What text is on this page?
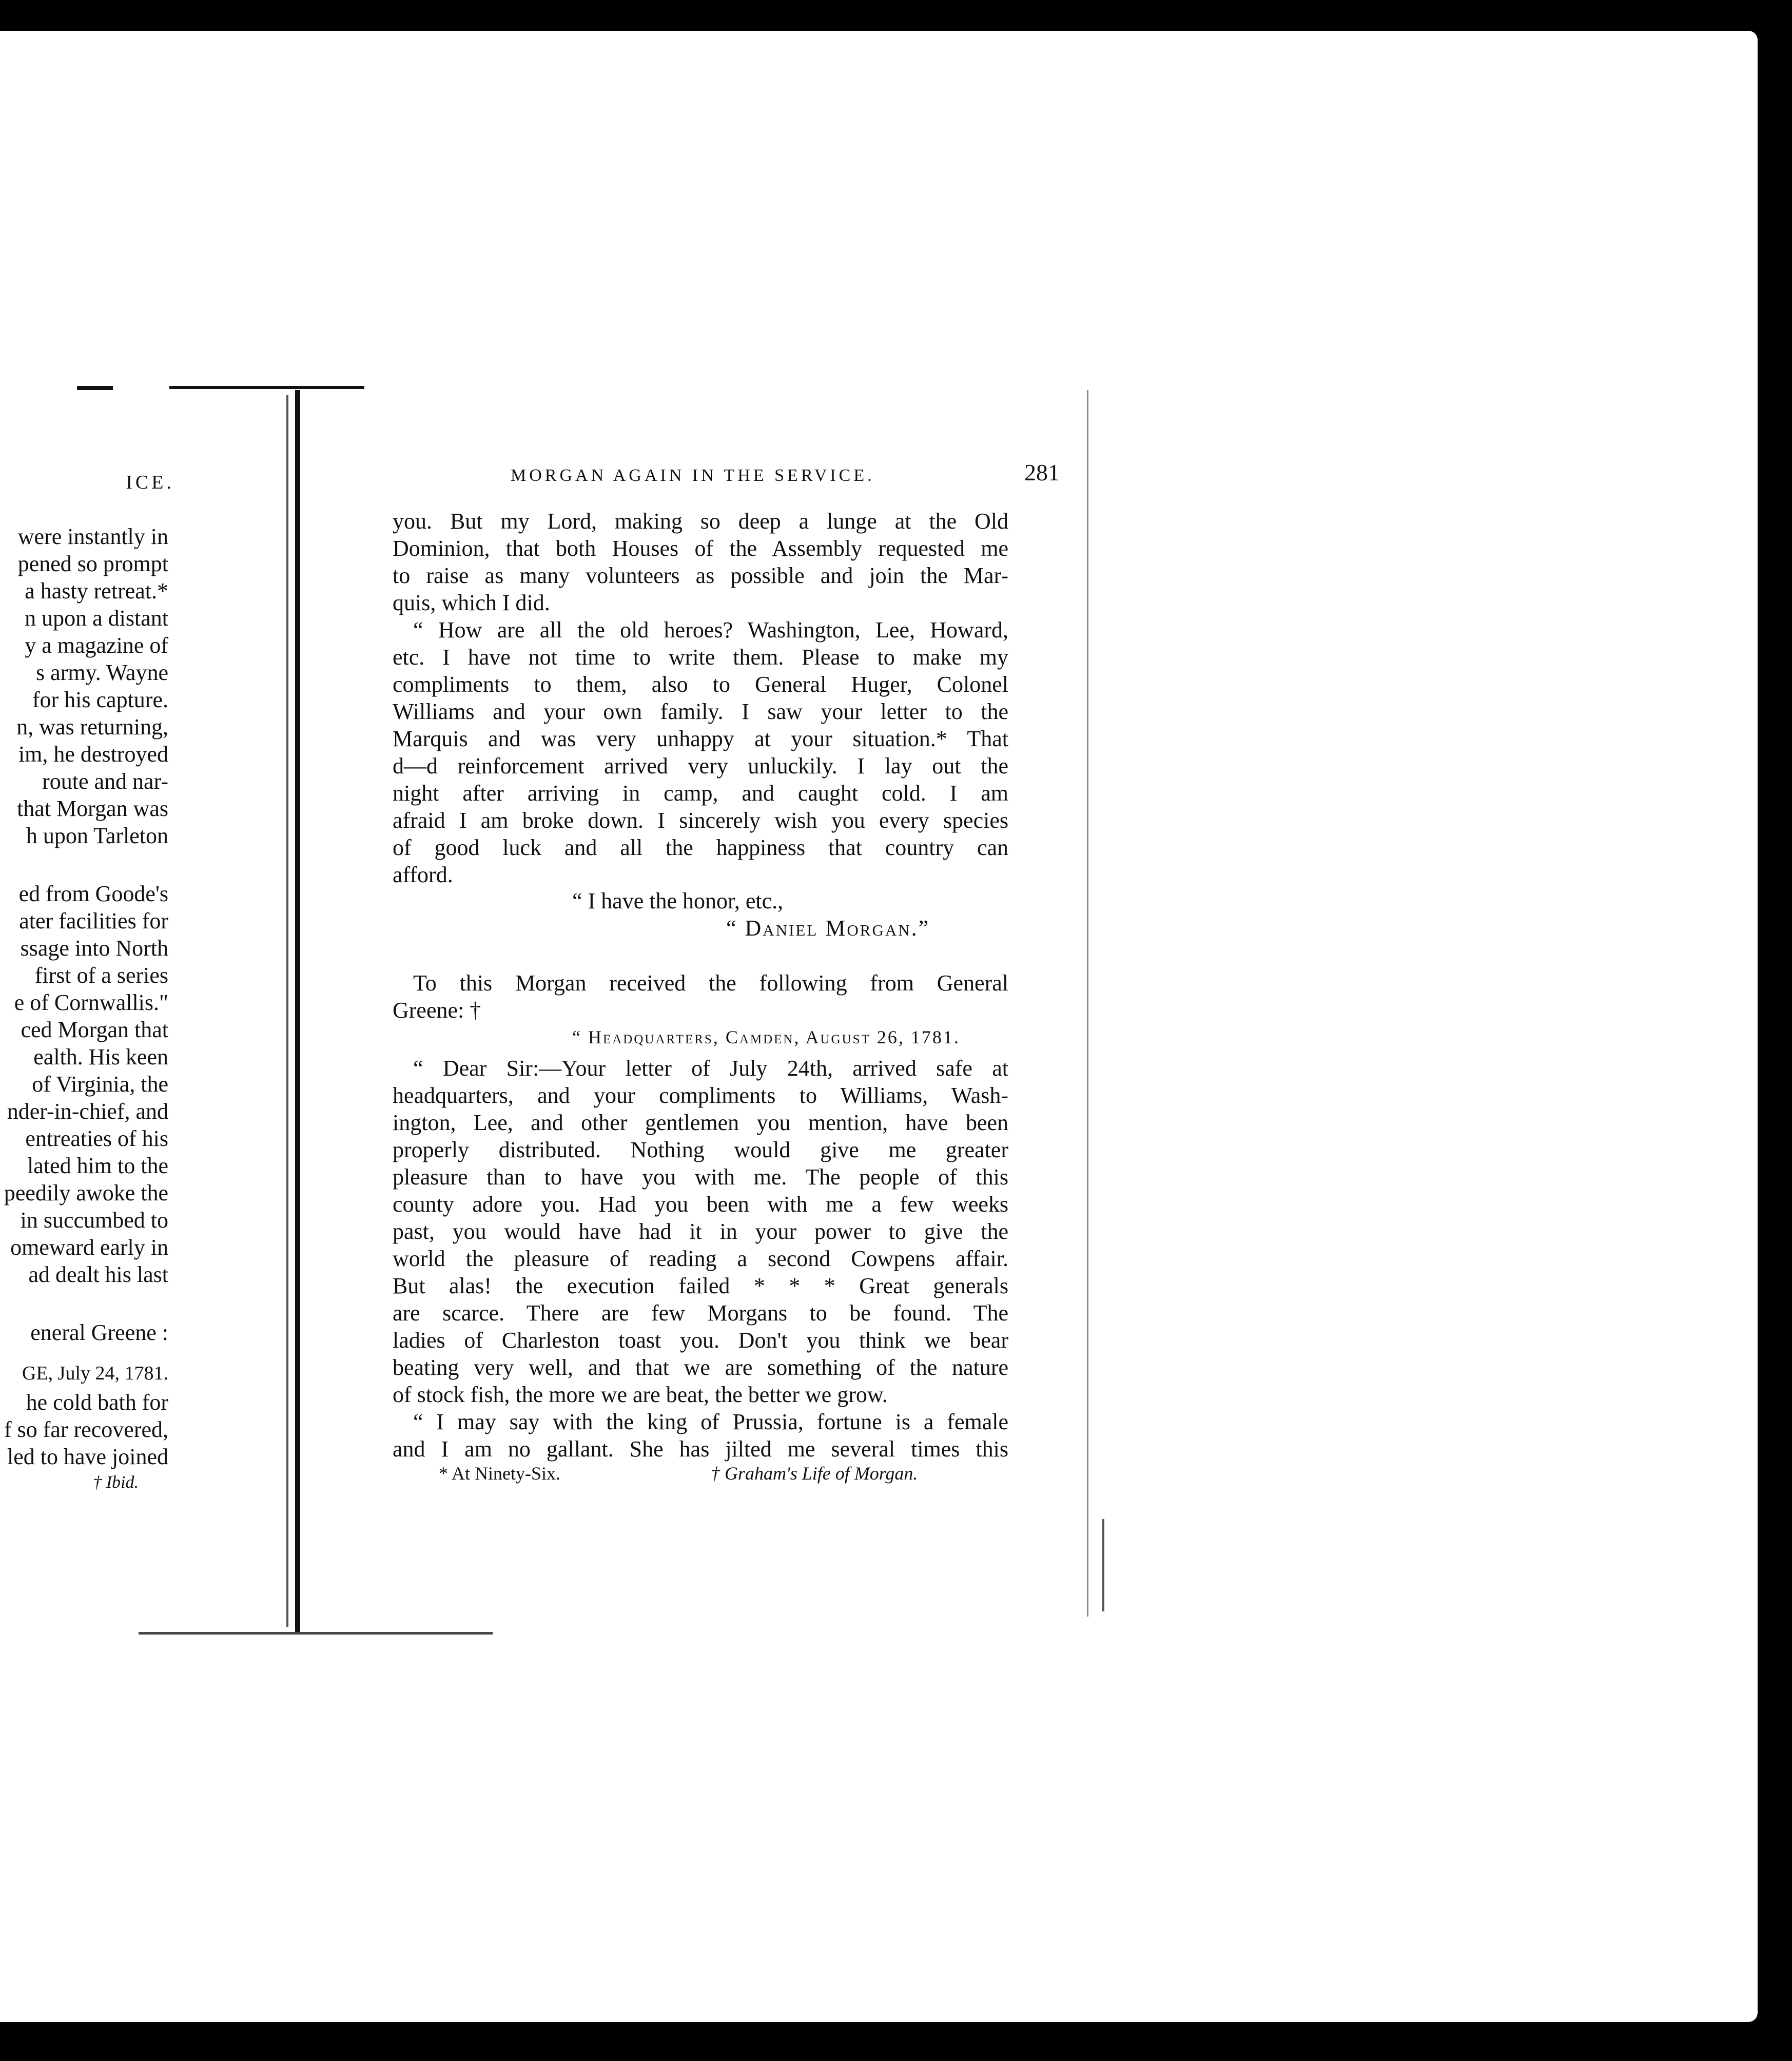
ICE.
were instantly in
pened so prompt
a hasty retreat.*
n upon a distant
y a magazine of
s army. Wayne
for his capture.
n, was returning,
im, he destroyed
route and nar-
that Morgan was
h upon Tarleton
ed from Goode's
ater facilities for
ssage into North
first of a series
e of Cornwallis."
ced Morgan that
ealth. His keen
of Virginia, the
nder-in-chief, and
entreaties of his
lated him to the
peedily awoke the
in succumbed to
omeward early in
ad dealt his last
eneral Greene :
GE, July 24, 1781.
he cold bath for
f so far recovered,
led to have joined
† Ibid.
MORGAN AGAIN IN THE SERVICE.	281
you. But my Lord, making so deep a lunge at the Old
Dominion, that both Houses of the Assembly requested me
to raise as many volunteers as possible and join the Mar-
quis, which I did.
“ How are all the old heroes? Washington, Lee, Howard,
etc. I have not time to write them. Please to make my
compliments to them, also to General Huger, Colonel
Williams and your own family. I saw your letter to the
Marquis and was very unhappy at your situation.* That
d—d reinforcement arrived very unluckily. I lay out the
night after arriving in camp, and caught cold. I am
afraid I am broke down. I sincerely wish you every species
of good luck and all the happiness that country can
afford.
“ I have the honor, etc.,
“ Daniel Morgan.”
To this Morgan received the following from General
Greene: †
“ Headquarters, Camden, August 26, 1781.
“ Dear Sir:—Your letter of July 24th, arrived safe at
headquarters, and your compliments to Williams, Wash-
ington, Lee, and other gentlemen you mention, have been
properly distributed. Nothing would give me greater
pleasure than to have you with me. The people of this
county adore you. Had you been with me a few weeks
past, you would have had it in your power to give the
world the pleasure of reading a second Cowpens affair.
But alas! the execution failed * * * Great generals
are scarce. There are few Morgans to be found. The
ladies of Charleston toast you. Don't you think we bear
beating very well, and that we are something of the nature
of stock fish, the more we are beat, the better we grow.
“ I may say with the king of Prussia, fortune is a female
and I am no gallant. She has jilted me several times this
* At Ninety-Six.	† Graham's Life of Morgan.
